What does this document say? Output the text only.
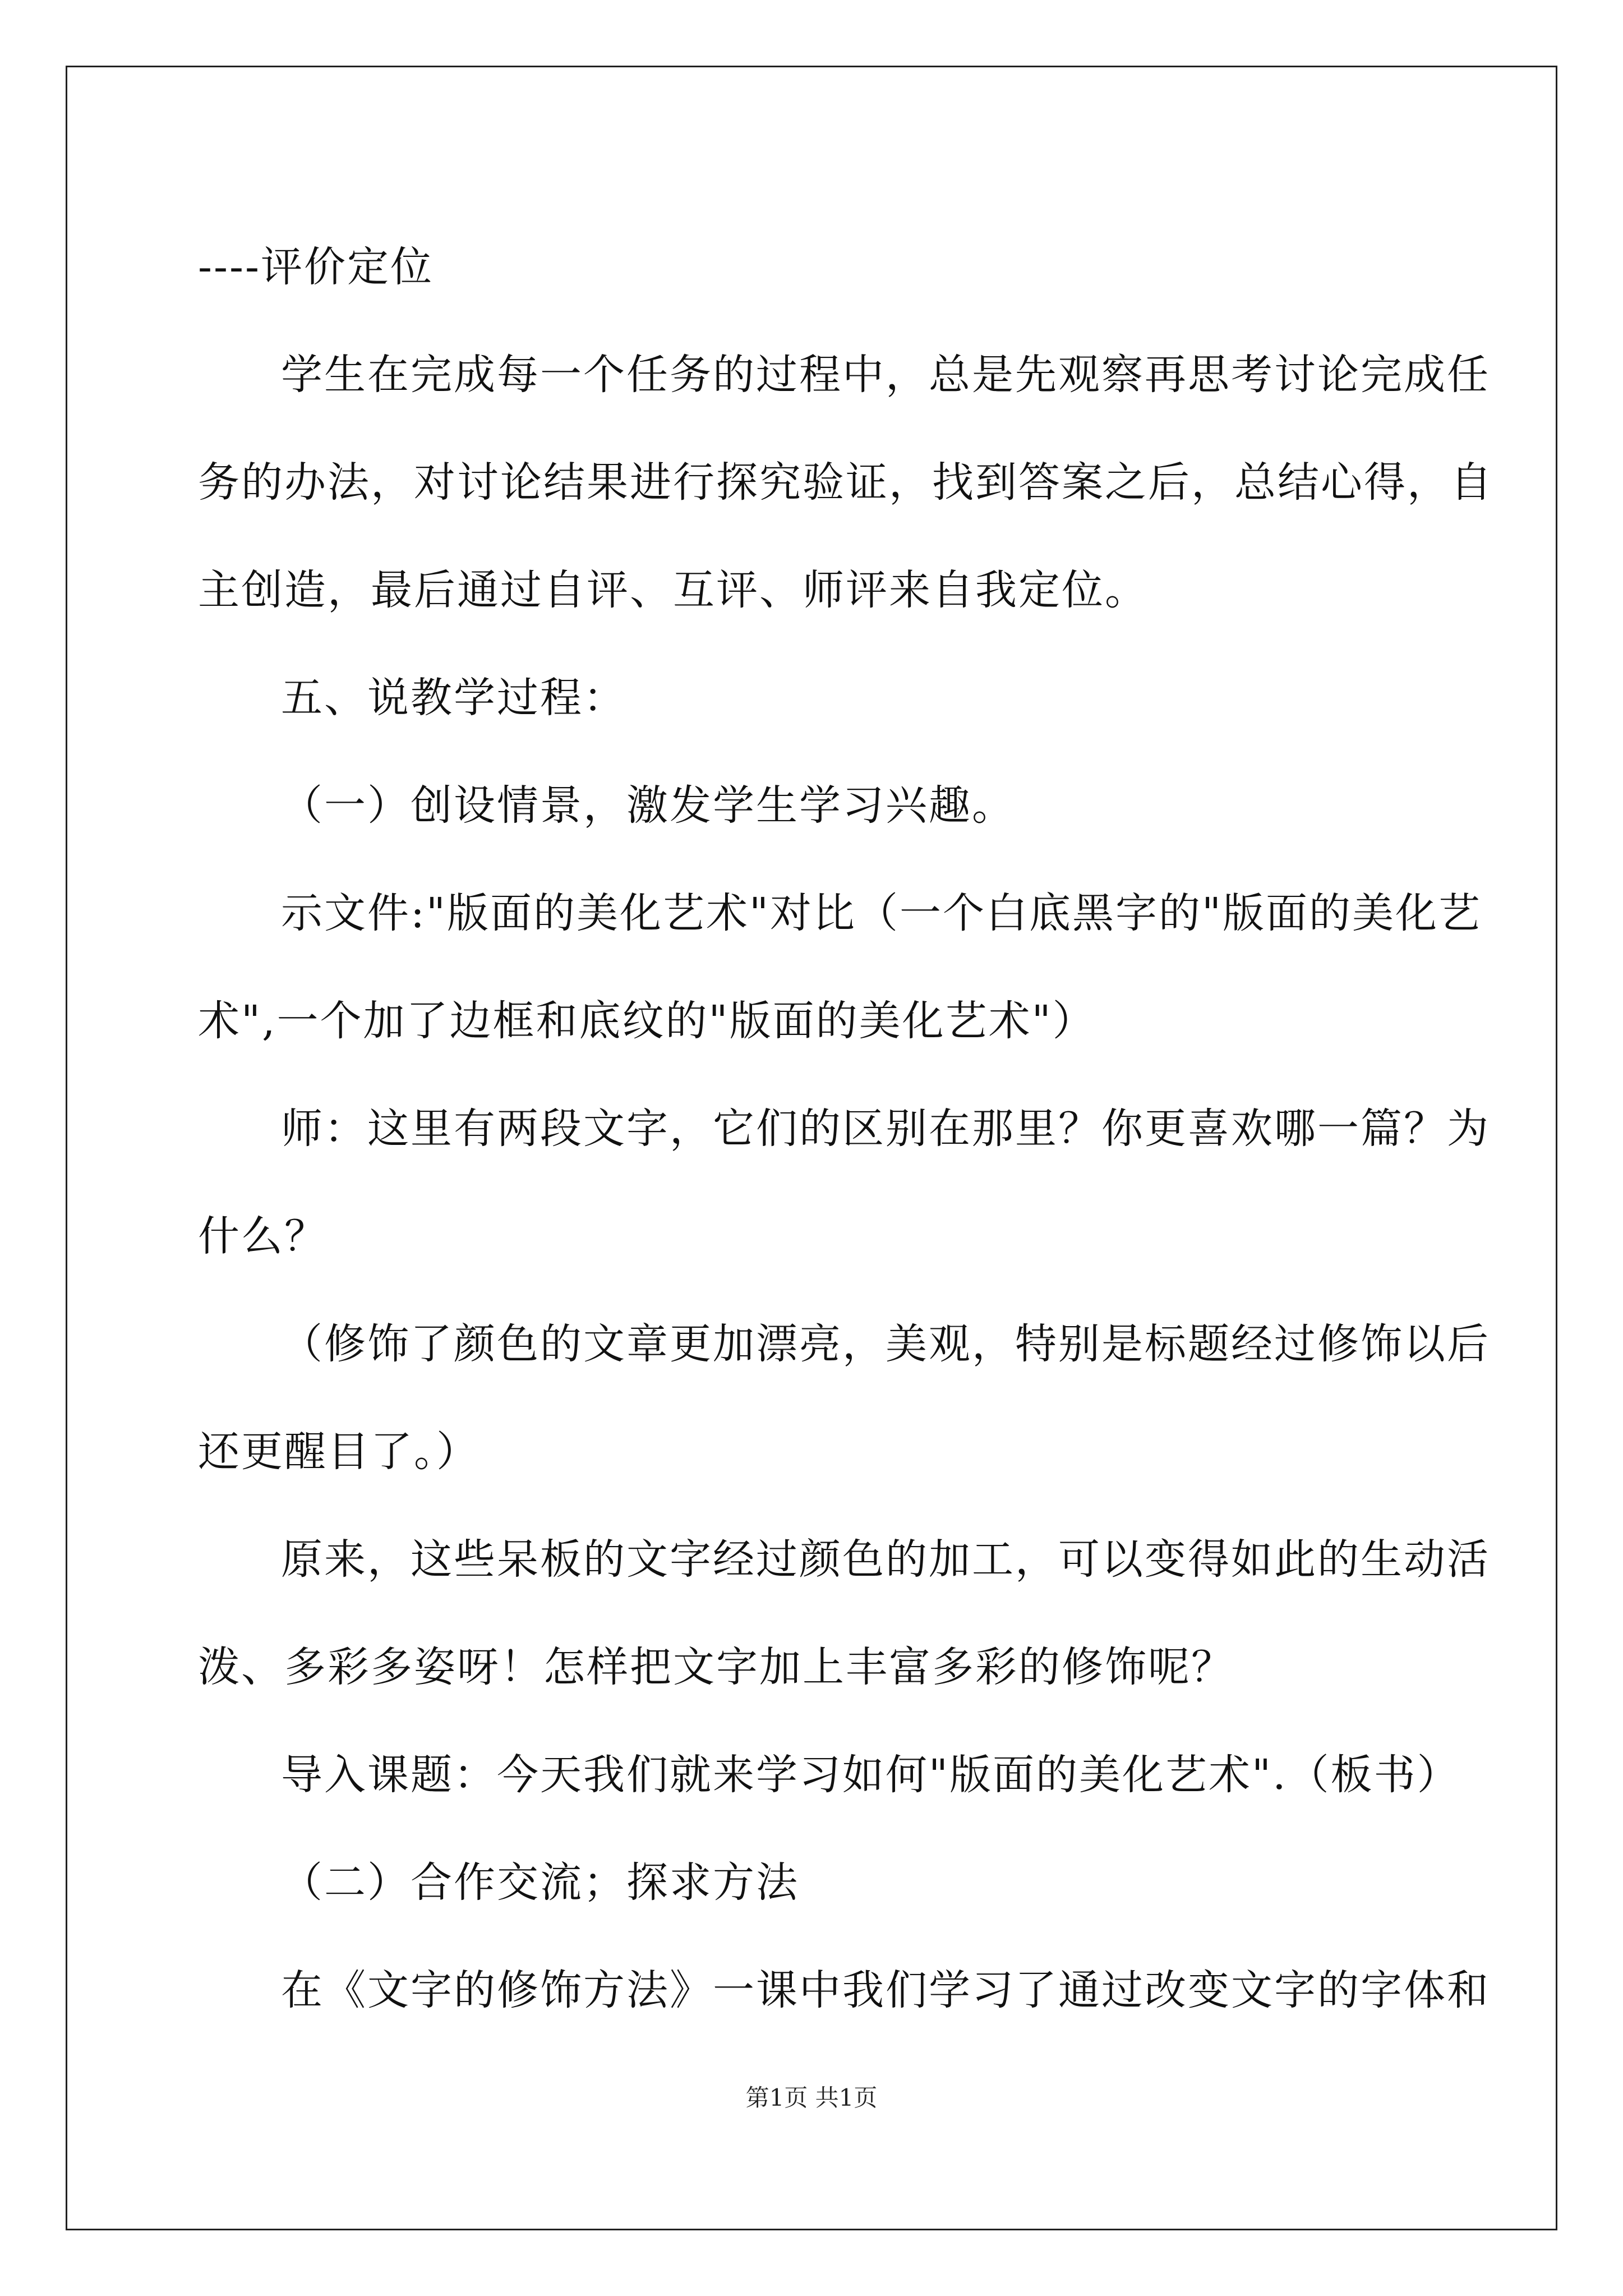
----评价定位

学生在完成每一个任务的过程中，总是先观察再思考讨论完成任

务的办法，对讨论结果进行探究验证，找到答案之后，总结心得，自

主创造，最后通过自评、互评、师评来自我定位。

五、说教学过程：

（一）创设情景，激发学生学习兴趣。

示文件:"版面的美化艺术"对比（一个白底黑字的"版面的美化艺

术",一个加了边框和底纹的"版面的美化艺术"）

师：这里有两段文字，它们的区别在那里？你更喜欢哪一篇？为

什么？

（修饰了颜色的文章更加漂亮，美观，特别是标题经过修饰以后

还更醒目了。）

原来，这些呆板的文字经过颜色的加工，可以变得如此的生动活

泼、多彩多姿呀！怎样把文字加上丰富多彩的修饰呢？

导入课题：今天我们就来学习如何"版面的美化艺术".（板书）

（二）合作交流；探求方法

在《文字的修饰方法》一课中我们学习了通过改变文字的字体和

第1页 共1页
